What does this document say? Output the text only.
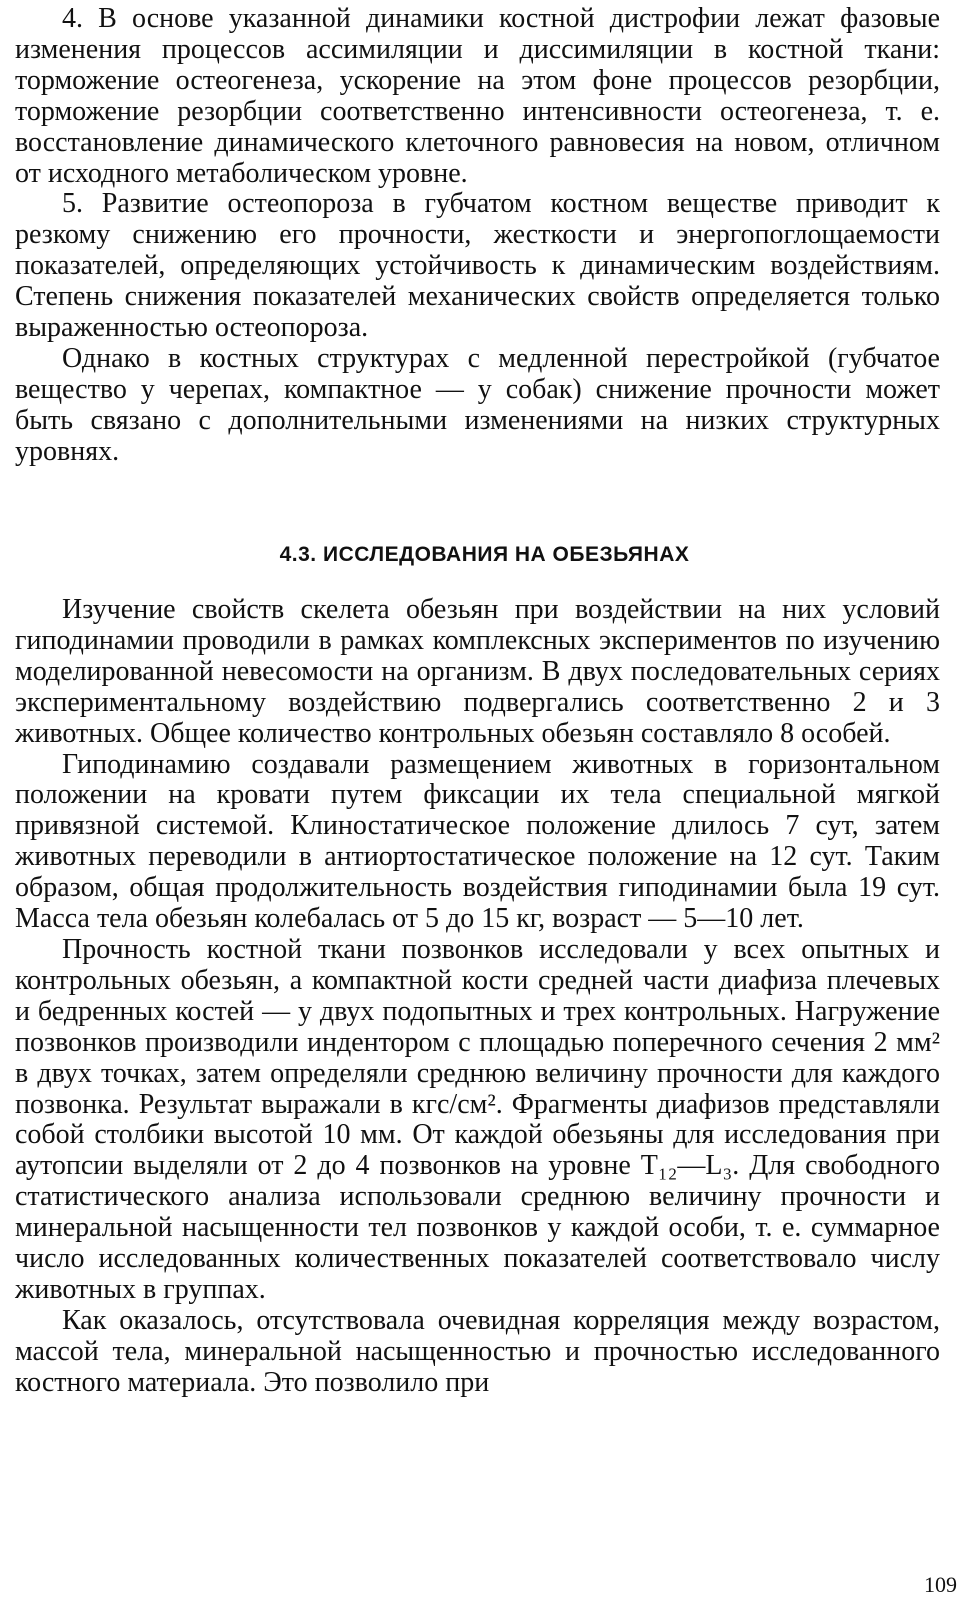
4. В основе указанной динамики костной дистрофии лежат фазовые изменения процессов ассимиляции и диссимиляции в костной ткани: торможение остеогенеза, ускорение на этом фоне процессов резорбции, торможение резорбции соответственно интенсивности остеогенеза, т. е. восстановление динамического клеточного равновесия на новом, отличном от исходного метаболическом уровне.

5. Развитие остеопороза в губчатом костном веществе приводит к резкому снижению его прочности, жесткости и энергопоглощаемости показателей, определяющих устойчивость к динамическим воздействиям. Степень снижения показателей механических свойств определяется только выраженностью остеопороза.

Однако в костных структурах с медленной перестройкой (губчатое вещество у черепах, компактное — у собак) снижение прочности может быть связано с дополнительными изменениями на низких структурных уровнях.

4.3. ИССЛЕДОВАНИЯ НА ОБЕЗЬЯНАХ

Изучение свойств скелета обезьян при воздействии на них условий гиподинамии проводили в рамках комплексных экспериментов по изучению моделированной невесомости на организм. В двух последовательных сериях экспериментальному воздействию подвергались соответственно 2 и 3 животных. Общее количество контрольных обезьян составляло 8 особей.

Гиподинамию создавали размещением животных в горизонтальном положении на кровати путем фиксации их тела специальной мягкой привязной системой. Клиностатическое положение длилось 7 сут, затем животных переводили в антиортостатическое положение на 12 сут. Таким образом, общая продолжительность воздействия гиподинамии была 19 сут. Масса тела обезьян колебалась от 5 до 15 кг, возраст — 5—10 лет.

Прочность костной ткани позвонков исследовали у всех опытных и контрольных обезьян, а компактной кости средней части диафиза плечевых и бедренных костей — у двух подопытных и трех контрольных. Нагружение позвонков производили индентором с площадью поперечного сечения 2 мм² в двух точках, затем определяли среднюю величину прочности для каждого позвонка. Результат выражали в кгс/см². Фрагменты диафизов представляли собой столбики высотой 10 мм. От каждой обезьяны для исследования при аутопсии выделяли от 2 до 4 позвонков на уровне T₁₂—L₃. Для свободного статистического анализа использовали среднюю величину прочности и минеральной насыщенности тел позвонков у каждой особи, т. е. суммарное число исследованных количественных показателей соответствовало числу животных в группах.

Как оказалось, отсутствовала очевидная корреляция между возрастом, массой тела, минеральной насыщенностью и прочностью исследованного костного материала. Это позволило при

109
